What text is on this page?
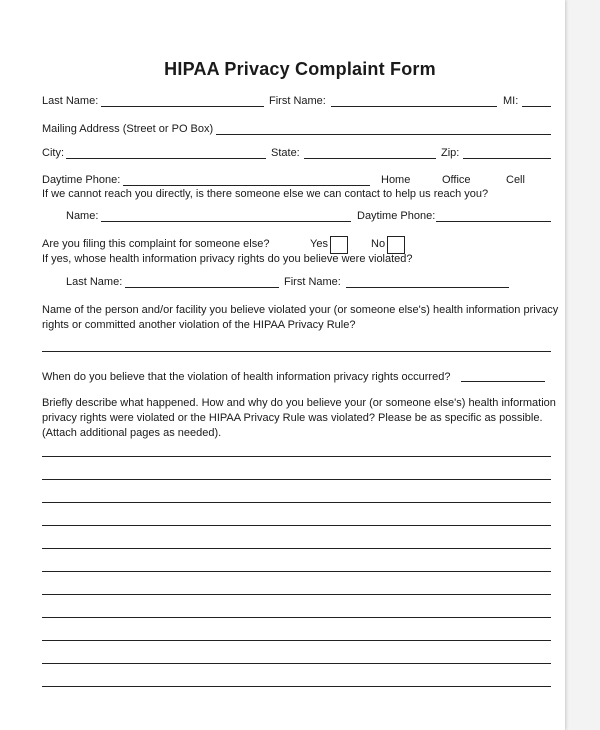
HIPAA Privacy Complaint Form
Last Name:	First Name:	MI:
Mailing Address (Street or PO Box)
City:	State:	Zip:
Daytime Phone:	Home	Office	Cell
If we cannot reach you directly, is there someone else we can contact to help us reach you?
Name:	Daytime Phone:
Are you filing this complaint for someone else?	Yes	No
If yes, whose health information privacy rights do you believe were violated?
Last Name:	First Name:
Name of the person and/or facility you believe violated your (or someone else's) health information privacy
rights or committed another violation of the HIPAA Privacy Rule?
When do you believe that the violation of health information privacy rights occurred?
Briefly describe what happened. How and why do you believe your (or someone else's) health information
privacy rights were violated or the HIPAA Privacy Rule was violated? Please be as specific as possible.
(Attach additional pages as needed).
